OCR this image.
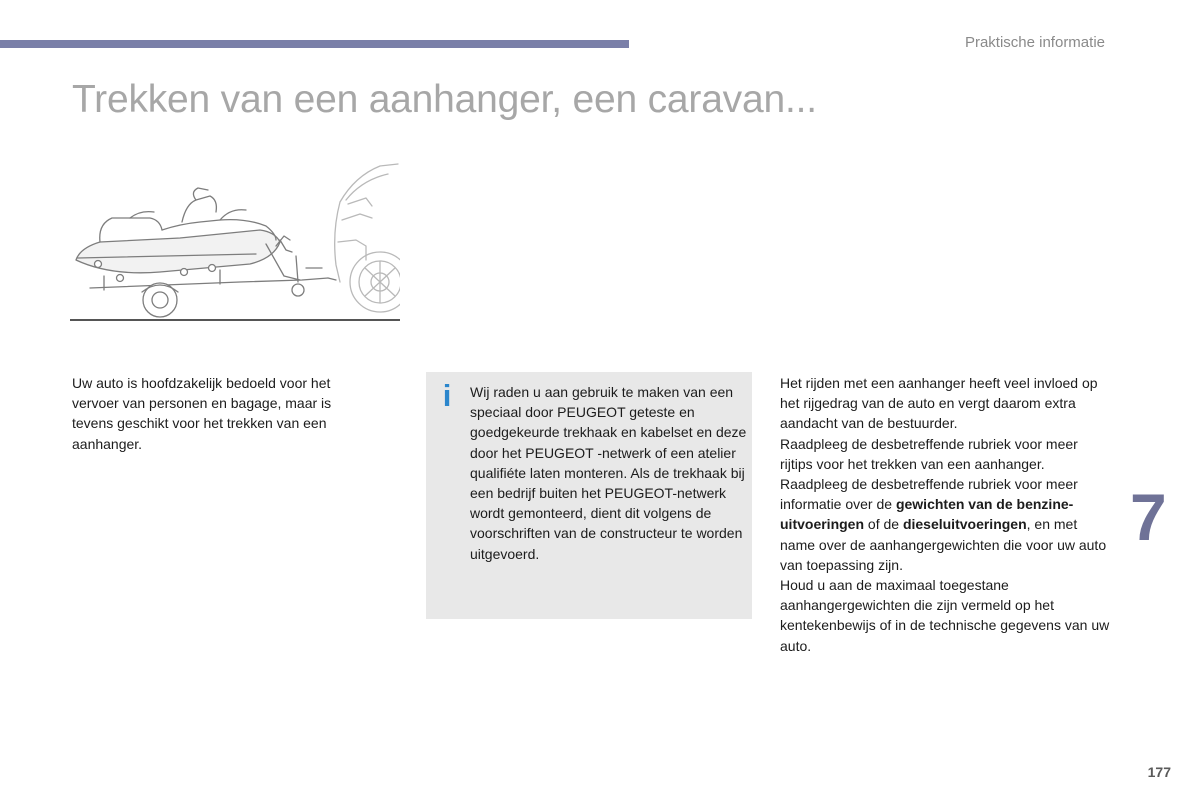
Praktische informatie
Trekken van een aanhanger, een caravan...
Uw auto is hoofdzakelijk bedoeld voor het vervoer van personen en bagage, maar is tevens geschikt voor het trekken van een aanhanger.
i Wij raden u aan gebruik te maken van een speciaal door PEUGEOT geteste en goedgekeurde trekhaak en kabelset en deze door het PEUGEOT -netwerk of een atelier qualifiéte laten monteren. Als de trekhaak bij een bedrijf buiten het PEUGEOT-netwerk wordt gemonteerd, dient dit volgens de voorschriften van de constructeur te worden uitgevoerd.

Het rijden met een aanhanger heeft veel invloed op het rijgedrag van de auto en vergt daarom extra aandacht van de bestuurder.

Raadpleeg de desbetreffende rubriek voor meer rijtips voor het trekken van een aanhanger.

Raadpleeg de desbetreffende rubriek voor meer informatie over de gewichten van de benzine-uitvoeringen of de dieseluitvoeringen, en met name over de aanhangergewichten die voor uw auto van toepassing zijn.

Houd u aan de maximaal toegestane aanhangergewichten die zijn vermeld op het kentekenbewijs of in de technische gegevens van uw auto.

7
177
